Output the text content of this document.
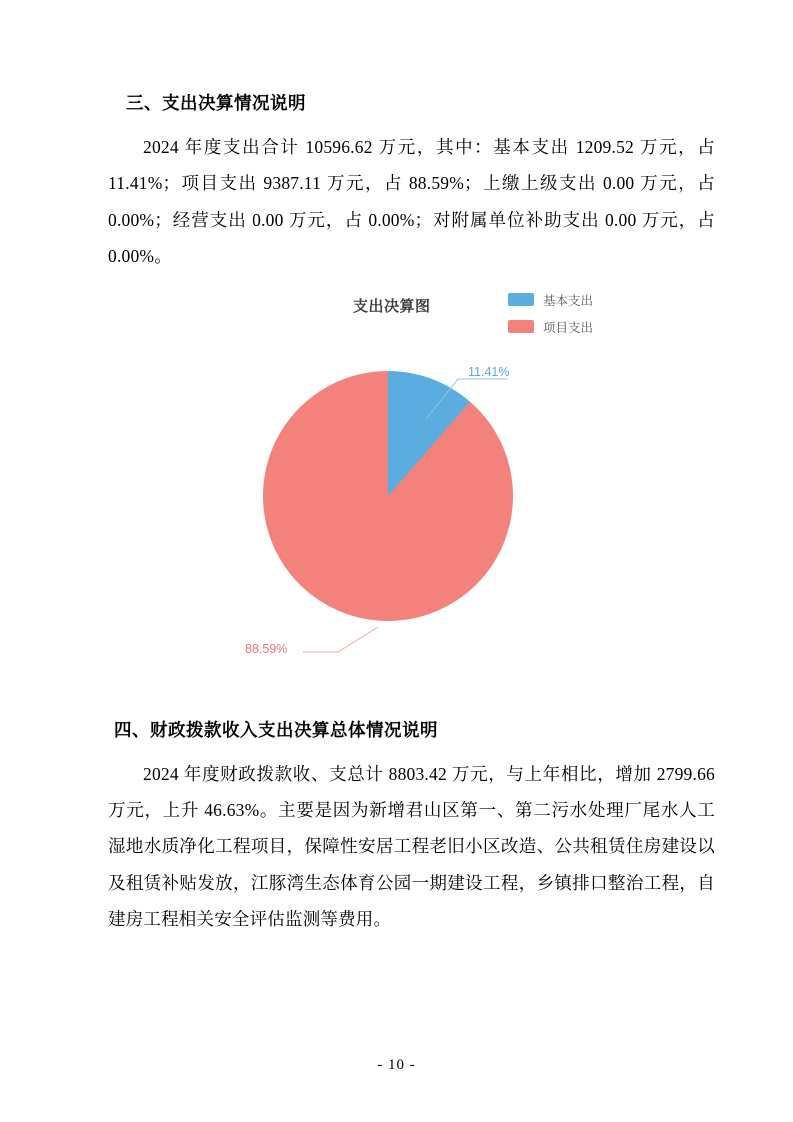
三、支出决算情况说明

2024 年度支出合计 10596.62 万元，其中：基本支出 1209.52 万元，占 11.41%；项目支出 9387.11 万元，占 88.59%；上缴上级支出 0.00 万元，占 0.00%；经营支出 0.00 万元，占 0.00%；对附属单位补助支出 0.00 万元，占 0.00%。

支出决算图	基本支出
项目支出
11.41%
88.59%
四、财政拨款收入支出决算总体情况说明

2024 年度财政拨款收、支总计 8803.42 万元，与上年相比，增加 2799.66 万元，上升 46.63%。主要是因为新增君山区第一、第二污水处理厂尾水人工湿地水质净化工程项目，保障性安居工程老旧小区改造、公共租赁住房建设以及租赁补贴发放，江豚湾生态体育公园一期建设工程，乡镇排口整治工程，自建房工程相关安全评估监测等费用。

- 10 -
